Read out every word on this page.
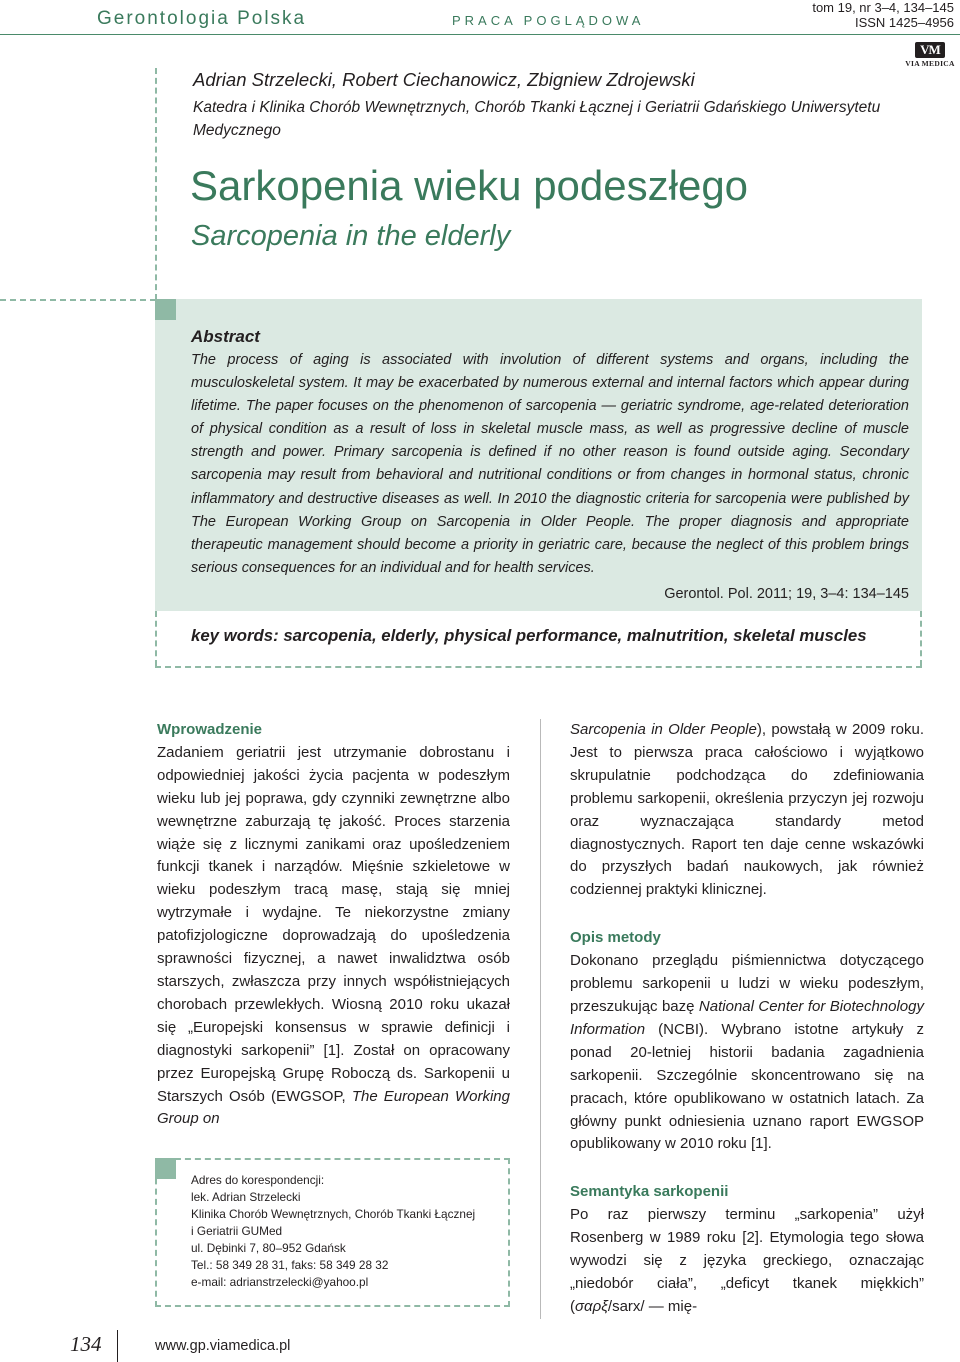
Gerontologia Polska	PRACA POGLĄDOWA
tom 19, nr 3–4, 134–145
ISSN 1425–4956
VM
VIA MEDICA
Adrian Strzelecki, Robert Ciechanowicz, Zbigniew Zdrojewski
Katedra i Klinika Chorób Wewnętrznych, Chorób Tkanki Łącznej i Geriatrii Gdańskiego Uniwersytetu Medycznego
Sarkopenia wieku podeszłego
Sarcopenia in the elderly
Abstract
The process of aging is associated with involution of different systems and organs, including the musculoskeletal system. It may be exacerbated by numerous external and internal factors which appear during lifetime. The paper focuses on the phenomenon of sarcopenia — geriatric syndrome, age-related deterioration of physical condition as a result of loss in skeletal muscle mass, as well as progressive decline of muscle strength and power. Primary sarcopenia is defined if no other reason is found outside aging. Secondary sarcopenia may result from behavioral and nutritional conditions or from changes in hormonal status, chronic inflammatory and destructive diseases as well. In 2010 the diagnostic criteria for sarcopenia were published by The European Working Group on Sarcopenia in Older People. The proper diagnosis and appropriate therapeutic management should become a priority in geriatric care, because the neglect of this problem brings serious consequences for an individual and for health services.
Gerontol. Pol. 2011; 19, 3–4: 134–145
key words: sarcopenia, elderly, physical performance, malnutrition, skeletal muscles
Wprowadzenie

Zadaniem geriatrii jest utrzymanie dobrostanu i odpowiedniej jakości życia pacjenta w podeszłym wieku lub jej poprawa, gdy czynniki zewnętrzne albo wewnętrzne zaburzają tę jakość. Proces starzenia wiąże się z licznymi zanikami oraz upośledzeniem funkcji tkanek i narządów. Mięśnie szkieletowe w wieku podeszłym tracą masę, stają się mniej wytrzymałe i wydajne. Te niekorzystne zmiany patofizjologiczne doprowadzają do upośledzenia sprawności fizycznej, a nawet inwalidztwa osób starszych, zwłaszcza przy innych współistniejących chorobach przewlekłych. Wiosną 2010 roku ukazał się „Europejski konsensus w sprawie definicji i diagnostyki sarkopenii” [1]. Został on opracowany przez Europejską Grupę Roboczą ds. Sarkopenii u Starszych Osób (EWGSOP, The European Working Group on

Sarcopenia in Older People), powstałą w 2009 roku. Jest to pierwsza praca całościowo i wyjątkowo skrupulatnie podchodząca do zdefiniowania problemu sarkopenii, określenia przyczyn jej rozwoju oraz wyznaczająca standardy metod diagnostycznych. Raport ten daje cenne wskazówki do przyszłych badań naukowych, jak również codziennej praktyki klinicznej.

Opis metody

Dokonano przeglądu piśmiennictwa dotyczącego problemu sarkopenii u ludzi w wieku podeszłym, przeszukując bazę National Center for Biotechnology Information (NCBI). Wybrano istotne artykuły z ponad 20-letniej historii badania zagadnienia sarkopenii. Szczególnie skoncentrowano się na pracach, które opublikowano w ostatnich latach. Za główny punkt odniesienia uznano raport EWGSOP opublikowany w 2010 roku [1].

Semantyka sarkopenii

Po raz pierwszy terminu „sarkopenia” użył Rosenberg w 1989 roku [2]. Etymologia tego słowa wywodzi się z języka greckiego, oznaczając „niedobór ciała”, „deficyt tkanek miękkich” (σαρξ/sarx/ — mię-

Adres do korespondencji:
lek. Adrian Strzelecki
Klinika Chorób Wewnętrznych, Chorób Tkanki Łącznej
i Geriatrii GUMed
ul. Dębinki 7, 80–952 Gdańsk
Tel.: 58 349 28 31, faks: 58 349 28 32
e-mail: adrianstrzelecki@yahoo.pl
134	www.gp.viamedica.pl
